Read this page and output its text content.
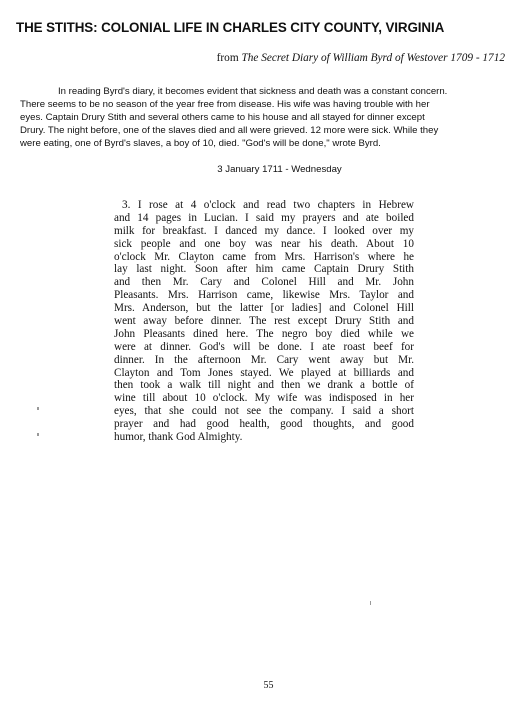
THE STITHS: COLONIAL LIFE IN CHARLES CITY COUNTY, VIRGINIA
from The Secret Diary of William Byrd of Westover 1709 - 1712
In reading Byrd's diary, it becomes evident that sickness and death was a constant concern.
There seems to be no season of the year free from disease. His wife was having trouble with her
eyes. Captain Drury Stith and several others came to his house and all stayed for dinner except
Drury. The night before, one of the slaves died and all were grieved. 12 more were sick. While they
were eating, one of Byrd's slaves, a boy of 10, died. "God's will be done," wrote Byrd.
3 January 1711 - Wednesday
3. I rose at 4 o'clock and read two chapters in Hebrew
and 14 pages in Lucian. I said my prayers and ate boiled
milk for breakfast. I danced my dance. I looked over my
sick people and one boy was near his death. About 10
o'clock Mr. Clayton came from Mrs. Harrison's where he
lay last night. Soon after him came Captain Drury Stith
and then Mr. Cary and Colonel Hill and Mr. John
Pleasants. Mrs. Harrison came, likewise Mrs. Taylor and
Mrs. Anderson, but the latter [or ladies] and Colonel Hill
went away before dinner. The rest except Drury Stith and
John Pleasants dined here. The negro boy died while we
were at dinner. God's will be done. I ate roast beef for
dinner. In the afternoon Mr. Cary went away but Mr.
Clayton and Tom Jones stayed. We played at billiards and
then took a walk till night and then we drank a bottle of
wine till about 10 o'clock. My wife was indisposed in her
eyes, that she could not see the company. I said a short
prayer and had good health, good thoughts, and good
humor, thank God Almighty.
55
